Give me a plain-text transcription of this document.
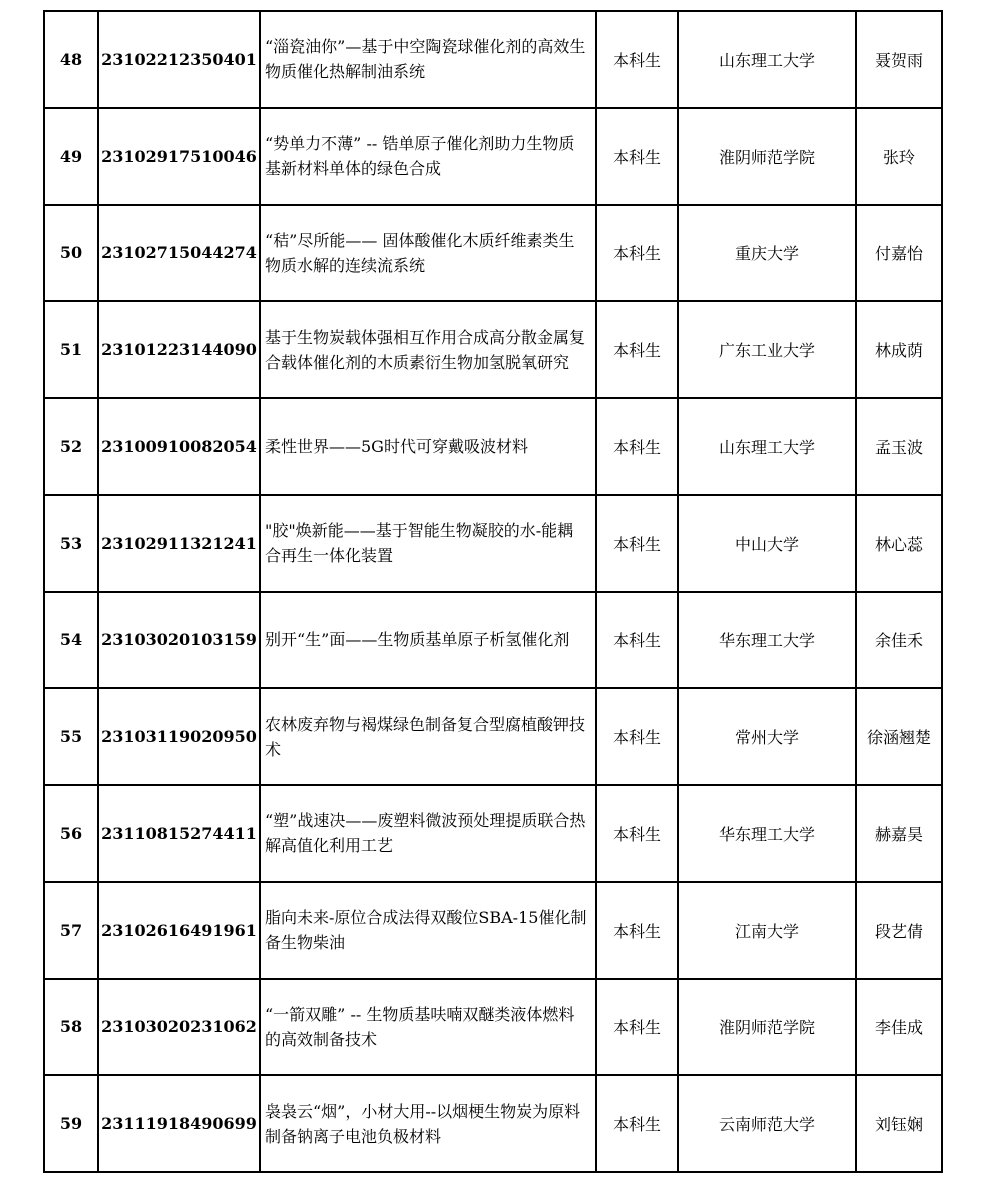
48	23102212350401	“淄瓷油你”—基于中空陶瓷球催化剂的高效生物质催化热解制油系统	本科生	山东理工大学	聂贺雨
49	23102917510046	“势单力不薄” -- 锆单原子催化剂助力生物质基新材料单体的绿色合成	本科生	淮阴师范学院	张玲
50	23102715044274	“秸”尽所能—— 固体酸催化木质纤维素类生物质水解的连续流系统	本科生	重庆大学	付嘉怡
51	23101223144090	基于生物炭载体强相互作用合成高分散金属复合载体催化剂的木质素衍生物加氢脱氧研究	本科生	广东工业大学	林成荫
52	23100910082054	柔性世界——5G时代可穿戴吸波材料	本科生	山东理工大学	孟玉波
53	23102911321241	"胶"焕新能——基于智能生物凝胶的水-能耦合再生一体化装置	本科生	中山大学	林心蕊
54	23103020103159	别开“生”面——生物质基单原子析氢催化剂	本科生	华东理工大学	余佳禾
55	23103119020950	农林废弃物与褐煤绿色制备复合型腐植酸钾技术	本科生	常州大学	徐涵翘楚
56	23110815274411	“塑”战速决——废塑料微波预处理提质联合热解高值化利用工艺	本科生	华东理工大学	赫嘉昊
57	23102616491961	脂向未来-原位合成法得双酸位SBA-15催化制备生物柴油	本科生	江南大学	段艺倩
58	23103020231062	“一箭双雕” -- 生物质基呋喃双醚类液体燃料的高效制备技术	本科生	淮阴师范学院	李佳成
59	23111918490699	袅袅云“烟”，小材大用--以烟梗生物炭为原料制备钠离子电池负极材料	本科生	云南师范大学	刘钰娴
